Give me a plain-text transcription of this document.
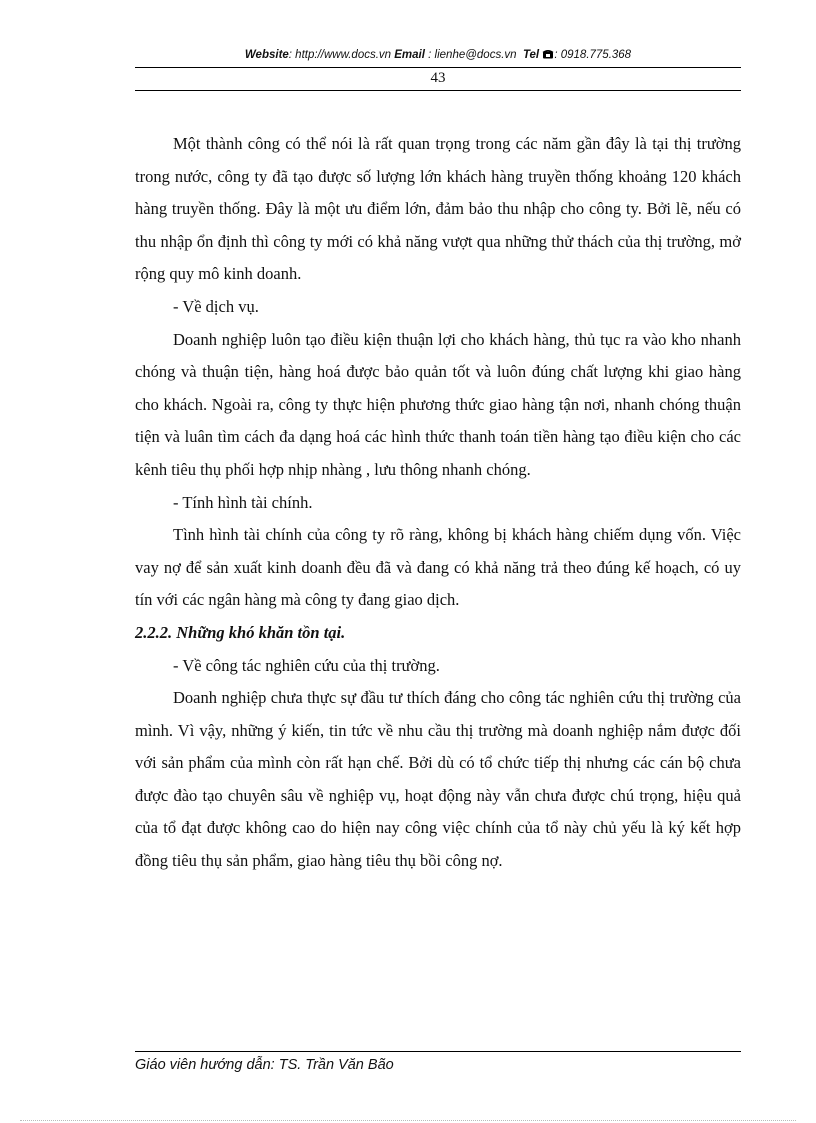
Website: http://www.docs.vn Email : lienhe@docs.vn Tel : 0918.775.368
43

Một thành công có thể nói là rất quan trọng trong các năm gần đây là tại thị trường trong nước, công ty đã tạo được số lượng lớn khách hàng truyền thống khoảng 120 khách hàng truyền thống. Đây là một ưu điểm lớn, đảm bảo thu nhập cho công ty. Bởi lẽ, nếu có thu nhập ổn định thì công ty mới có khả năng vượt qua những thử thách của thị trường, mở rộng quy mô kinh doanh.

- Về dịch vụ.

Doanh nghiệp luôn tạo điều kiện thuận lợi cho khách hàng, thủ tục ra vào kho nhanh chóng và thuận tiện, hàng hoá được bảo quản tốt và luôn đúng chất lượng khi giao hàng cho khách. Ngoài ra, công ty thực hiện phương thức giao hàng tận nơi, nhanh chóng thuận tiện và luân tìm cách đa dạng hoá các hình thức thanh toán tiền hàng tạo điều kiện cho các kênh tiêu thụ phối hợp nhịp nhàng , lưu thông nhanh chóng.

- Tính hình tài chính.

Tình hình tài chính của công ty rõ ràng, không bị khách hàng chiếm dụng vốn. Việc vay nợ để sản xuất kinh doanh đều đã và đang có khả năng trả theo đúng kế hoạch, có uy tín với các ngân hàng mà công ty đang giao dịch.

2.2.2. Những khó khăn tồn tại.

- Về công tác nghiên cứu của thị trường.

Doanh nghiệp chưa thực sự đầu tư thích đáng cho công tác nghiên cứu thị trường của mình. Vì vậy, những ý kiến, tin tức về nhu cầu thị trường mà doanh nghiệp nắm được đối với sản phẩm của mình còn rất hạn chế. Bởi dù có tổ chức tiếp thị nhưng các cán bộ chưa được đào tạo chuyên sâu về nghiệp vụ, hoạt động này vẫn chưa được chú trọng, hiệu quả của tổ đạt được không cao do hiện nay công việc chính của tổ này chủ yếu là ký kết hợp đồng tiêu thụ sản phẩm, giao hàng tiêu thụ bồi công nợ.

Giáo viên hướng dẫn: TS. Trần Văn Bão
